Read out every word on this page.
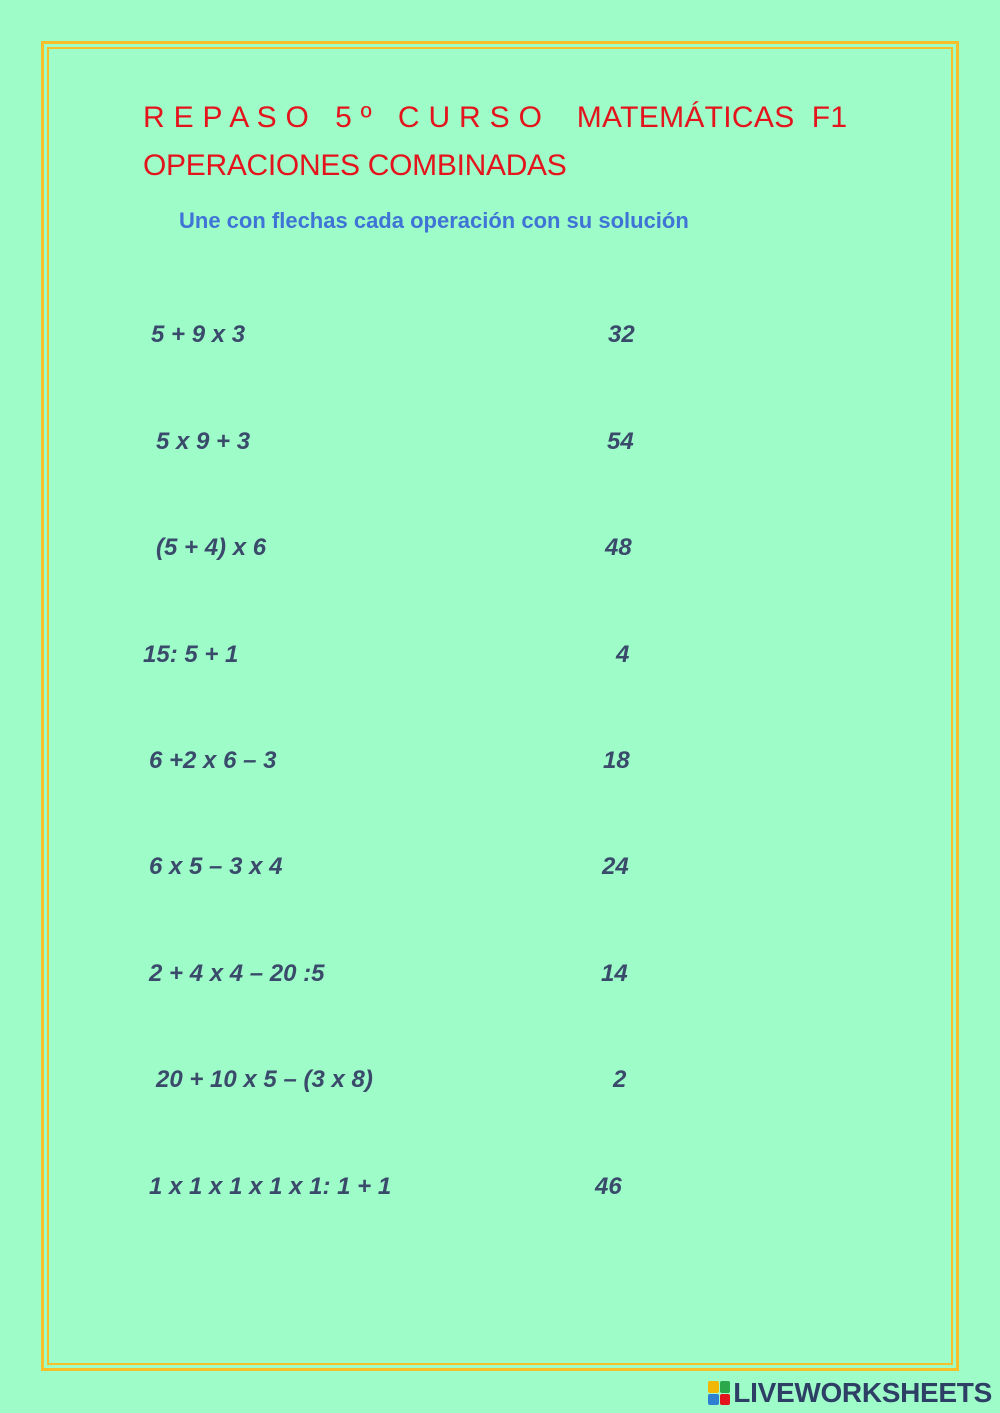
R E P A S O   5 º   C U R S O    MATEMÁTICAS  F1
OPERACIONES COMBINADAS

Une con flechas cada operación con su solución

5 + 9 x 3
5 x 9 + 3
(5 + 4) x 6
15: 5 + 1
6 +2 x 6 – 3
6 x 5 – 3 x 4
2 + 4 x 4 – 20 :5
20 + 10 x 5 – (3 x 8)
1 x 1 x 1 x 1 x 1: 1 + 1
32
54
48
4
18
24
14
2
46
LIVEWORKSHEETS
